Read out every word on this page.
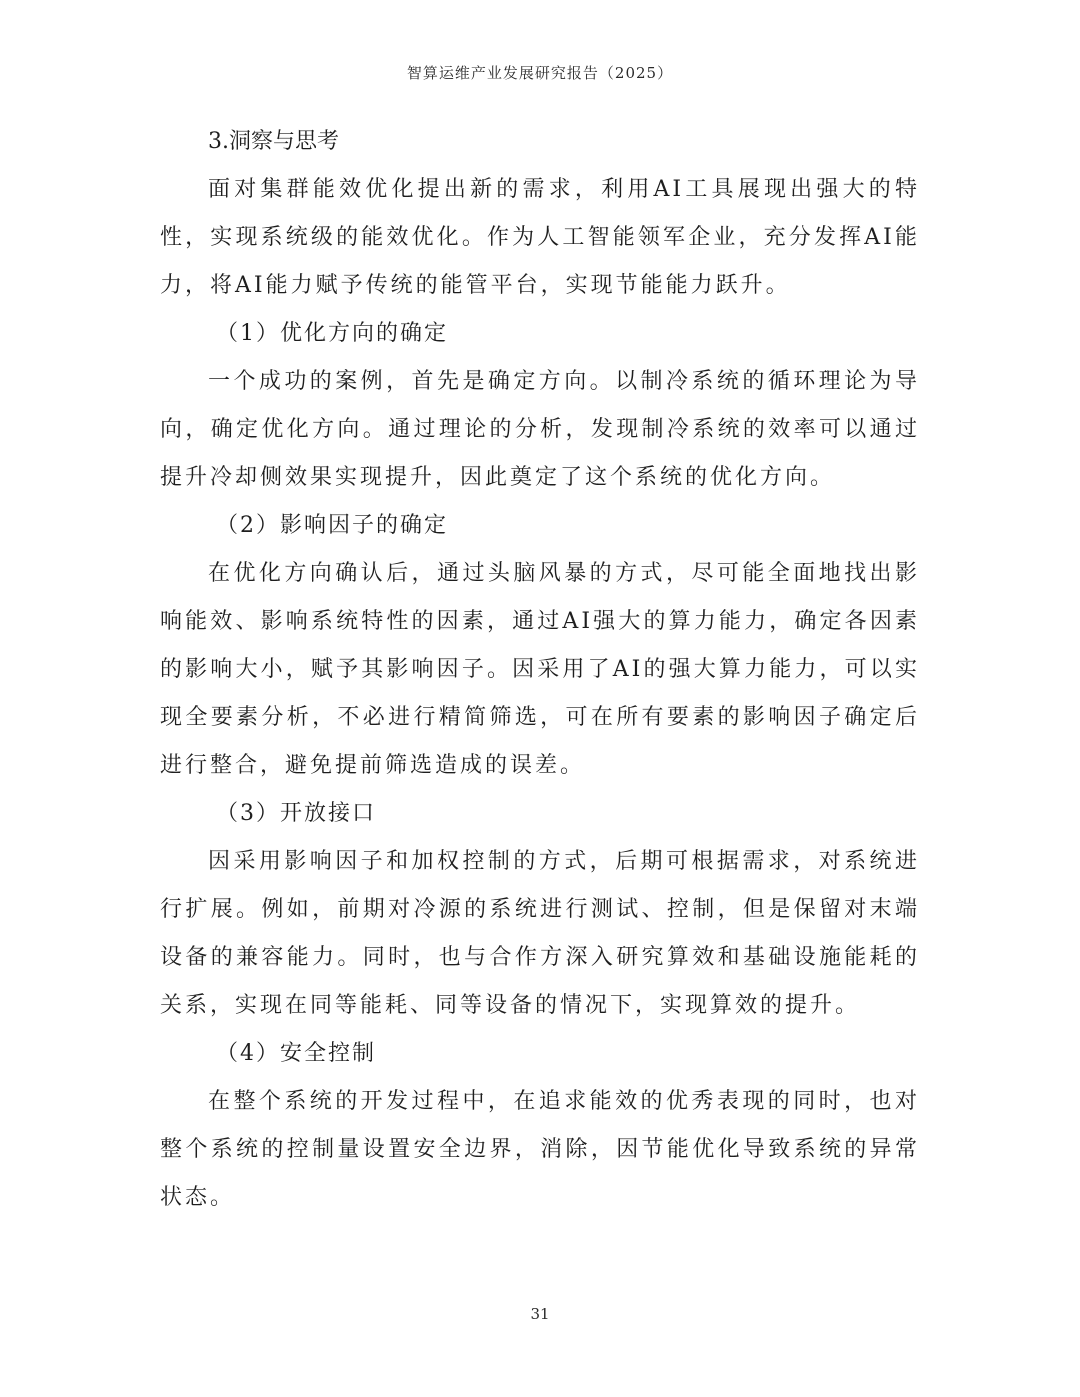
智算运维产业发展研究报告（2025）

3.洞察与思考

面对集群能效优化提出新的需求，利用AI工具展现出强大的特性，实现系统级的能效优化。作为人工智能领军企业，充分发挥AI能力，将AI能力赋予传统的能管平台，实现节能能力跃升。

（1）优化方向的确定

一个成功的案例，首先是确定方向。以制冷系统的循环理论为导向，确定优化方向。通过理论的分析，发现制冷系统的效率可以通过提升冷却侧效果实现提升，因此奠定了这个系统的优化方向。

（2）影响因子的确定

在优化方向确认后，通过头脑风暴的方式，尽可能全面地找出影响能效、影响系统特性的因素，通过AI强大的算力能力，确定各因素的影响大小，赋予其影响因子。因采用了AI的强大算力能力，可以实现全要素分析，不必进行精简筛选，可在所有要素的影响因子确定后进行整合，避免提前筛选造成的误差。

（3）开放接口

因采用影响因子和加权控制的方式，后期可根据需求，对系统进行扩展。例如，前期对冷源的系统进行测试、控制，但是保留对末端设备的兼容能力。同时，也与合作方深入研究算效和基础设施能耗的关系，实现在同等能耗、同等设备的情况下，实现算效的提升。

（4）安全控制

在整个系统的开发过程中，在追求能效的优秀表现的同时，也对整个系统的控制量设置安全边界，消除，因节能优化导致系统的异常状态。

31
